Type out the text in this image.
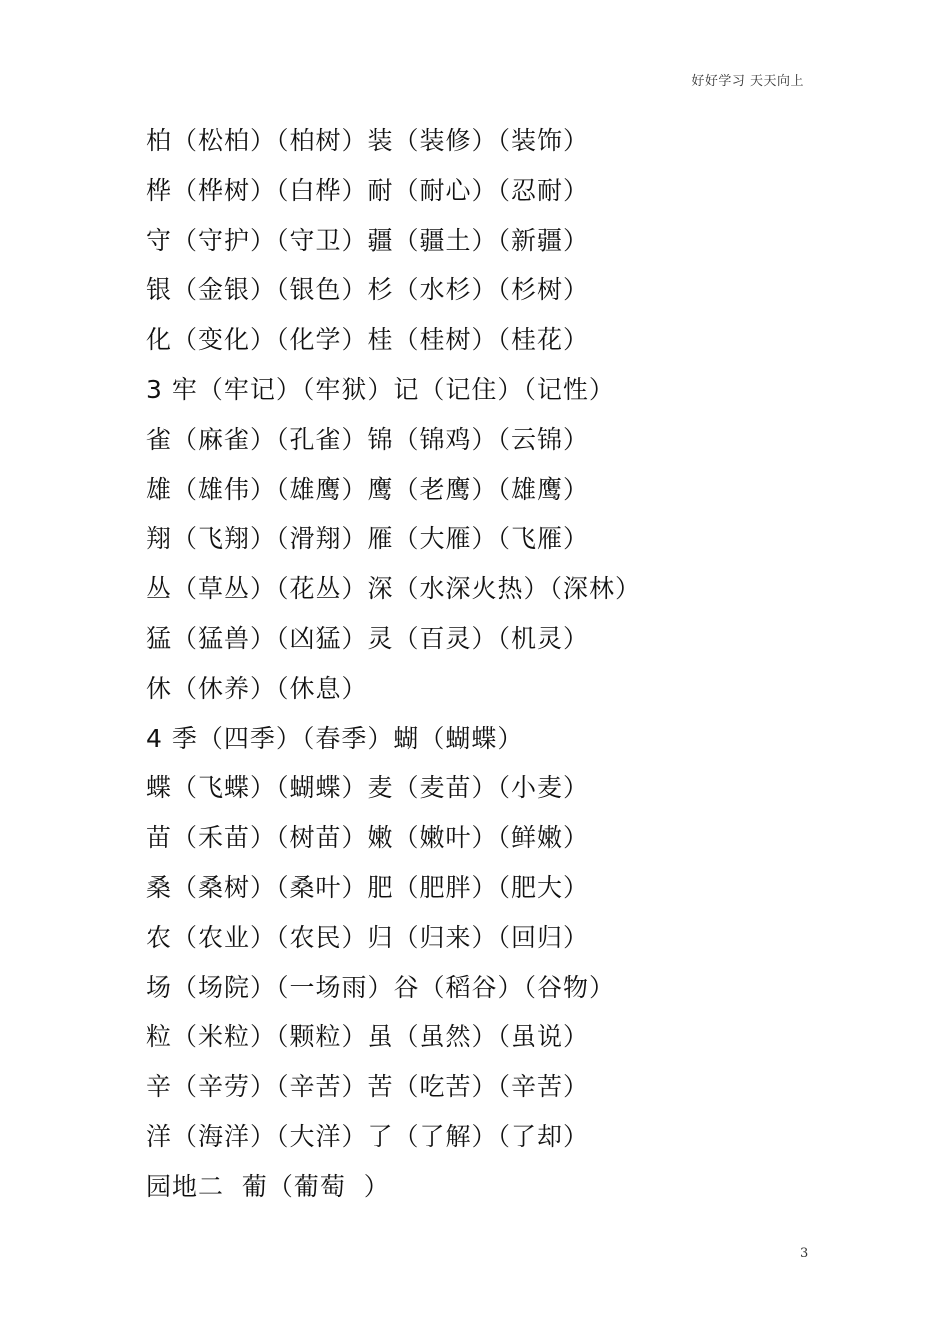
好好学习 天天向上
柏（松柏）（柏树）装（装修）（装饰）
桦（桦树）（白桦）耐（耐心）（忍耐）
守（守护）（守卫）疆（疆土）（新疆）
银（金银）（银色）杉（水杉）（杉树）
化（变化）（化学）桂（桂树）（桂花）
3 牢（牢记）（牢狱）记（记住）（记性）
雀（麻雀）（孔雀）锦（锦鸡）（云锦）
雄（雄伟）（雄鹰）鹰（老鹰）（雄鹰）
翔（飞翔）（滑翔）雁（大雁）（飞雁）
丛（草丛）（花丛）深（水深火热）（深林）
猛（猛兽）（凶猛）灵（百灵）（机灵）
休（休养）（休息）
4 季（四季）（春季）蝴（蝴蝶）
蝶（飞蝶）（蝴蝶）麦（麦苗）（小麦）
苗（禾苗）（树苗）嫩（嫩叶）（鲜嫩）
桑（桑树）（桑叶）肥（肥胖）（肥大）
农（农业）（农民）归（归来）（回归）
场（场院）（一场雨）谷（稻谷）（谷物）
粒（米粒）（颗粒）虽（虽然）（虽说）
辛（辛劳）（辛苦）苦（吃苦）（辛苦）
洋（海洋）（大洋）了（了解）（了却）
园地二  葡（葡萄  ）
3
